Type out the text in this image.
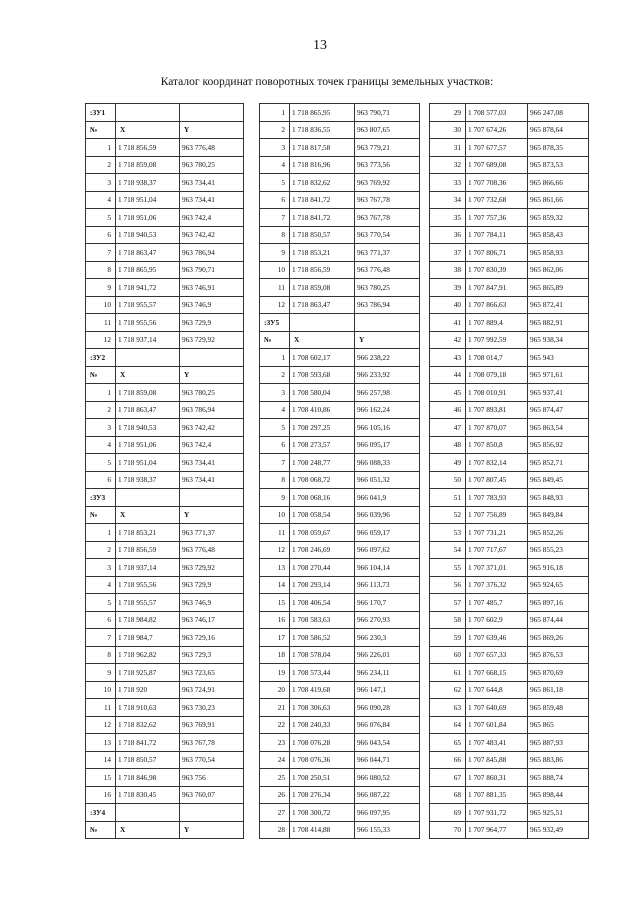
13
Каталог координат поворотных точек границы земельных участков:
:ЗУ1		
№	X	Y
1	1 718 856,59	963 776,48
2	1 718 859,08	963 780,25
3	1 718 938,37	963 734,41
4	1 718 951,04	963 734,41
5	1 718 951,06	963 742,4
6	1 718 940,53	963 742,42
7	1 718 863,47	963 786,94
8	1 718 865,95	963 790,71
9	1 718 941,72	963 746,91
10	1 718 955,57	963 746,9
11	1 718 955,56	963 729,9
12	1 718 937,14	963 729,92
:ЗУ2		
№	X	Y
1	1 718 859,08	963 780,25
2	1 718 863,47	963 786,94
3	1 718 940,53	963 742,42
4	1 718 951,06	963 742,4
5	1 718 951,04	963 734,41
6	1 718 938,37	963 734,41
:ЗУ3		
№	X	Y
1	1 718 853,21	963 771,37
2	1 718 856,59	963 776,48
3	1 718 937,14	963 729,92
4	1 718 955,56	963 729,9
5	1 718 955,57	963 746,9
6	1 718 984,82	963 746,17
7	1 718 984,7	963 729,16
8	1 718 962,82	963 729,3
9	1 718 925,87	963 723,65
10	1 718 920	963 724,91
11	1 718 910,63	963 730,23
12	1 718 832,62	963 769,91
13	1 718 841,72	963 767,78
14	1 718 850,57	963 770,54
15	1 718 846,98	963 756
16	1 718 830,45	963 760,07
:ЗУ4		
№	X	Y
1	1 718 865,95	963 790,71
2	1 718 836,55	963 807,65
3	1 718 817,58	963 779,21
4	1 718 816,96	963 773,56
5	1 718 832,62	963 769,92
6	1 718 841,72	963 767,78
7	1 718 841,72	963 767,78
8	1 718 850,57	963 770,54
9	1 718 853,21	963 771,37
10	1 718 856,59	963 776,48
11	1 718 859,08	963 780,25
12	1 718 863,47	963 786,94
:ЗУ5		
№	X	Y
1	1 708 602,17	966 238,22
2	1 708 593,68	966 233,92
3	1 708 580,04	966 257,98
4	1 708 410,86	966 162,24
5	1 708 297,25	966 105,16
6	1 708 273,57	966 095,17
7	1 708 248,77	966 088,33
8	1 708 068,72	966 051,32
9	1 708 068,16	966 041,9
10	1 708 058,54	966 039,96
11	1 708 059,67	966 059,17
12	1 708 246,69	966 097,62
13	1 708 270,44	966 104,14
14	1 708 293,14	966 113,73
15	1 708 406,54	966 170,7
16	1 708 583,63	966 270,93
17	1 708 586,52	966 230,3
18	1 708 578,04	966 226,01
19	1 708 573,44	966 234,11
20	1 708 419,68	966 147,1
21	1 708 306,63	966 090,28
22	1 708 240,33	966 076,84
23	1 708 076,28	966 043,54
24	1 708 076,36	966 044,71
25	1 708 250,51	966 080,52
26	1 708 276,34	966 087,22
27	1 708 300,72	966 097,95
28	1 708 414,88	966 155,33
29	1 708 577,03	966 247,08
30	1 707 674,26	965 878,64
31	1 707 677,57	965 878,35
32	1 707 689,08	965 873,53
33	1 707 708,36	965 866,66
34	1 707 732,68	965 861,66
35	1 707 757,36	965 859,32
36	1 707 784,11	965 858,43
37	1 707 806,71	965 858,93
38	1 707 830,39	965 862,06
39	1 707 847,91	965 865,89
40	1 707 866,63	965 872,41
41	1 707 889,4	965 882,91
42	1 707 992,59	965 938,34
43	1 708 014,7	965 943
44	1 708 079,18	965 971,61
45	1 708 010,91	965 937,41
46	1 707 893,81	965 874,47
47	1 707 870,07	965 863,54
48	1 707 850,8	965 856,92
49	1 707 832,14	965 852,71
50	1 707 807,45	965 849,45
51	1 707 783,93	965 848,93
52	1 707 756,89	965 849,84
53	1 707 731,21	965 852,26
54	1 707 717,67	965 855,23
55	1 707 371,01	965 916,18
56	1 707 376,32	965 924,65
57	1 707 485,7	965 897,16
58	1 707 602,9	965 874,44
59	1 707 639,46	965 869,26
60	1 707 657,33	965 876,53
61	1 707 668,15	965 870,69
62	1 707 644,8	965 861,18
63	1 707 640,69	965 859,48
64	1 707 601,84	965 865
65	1 707 483,41	965 887,93
66	1 707 845,88	965 883,86
67	1 707 860,31	965 888,74
68	1 707 881,35	965 898,44
69	1 707 931,72	965 925,51
70	1 707 964,77	965 932,49
